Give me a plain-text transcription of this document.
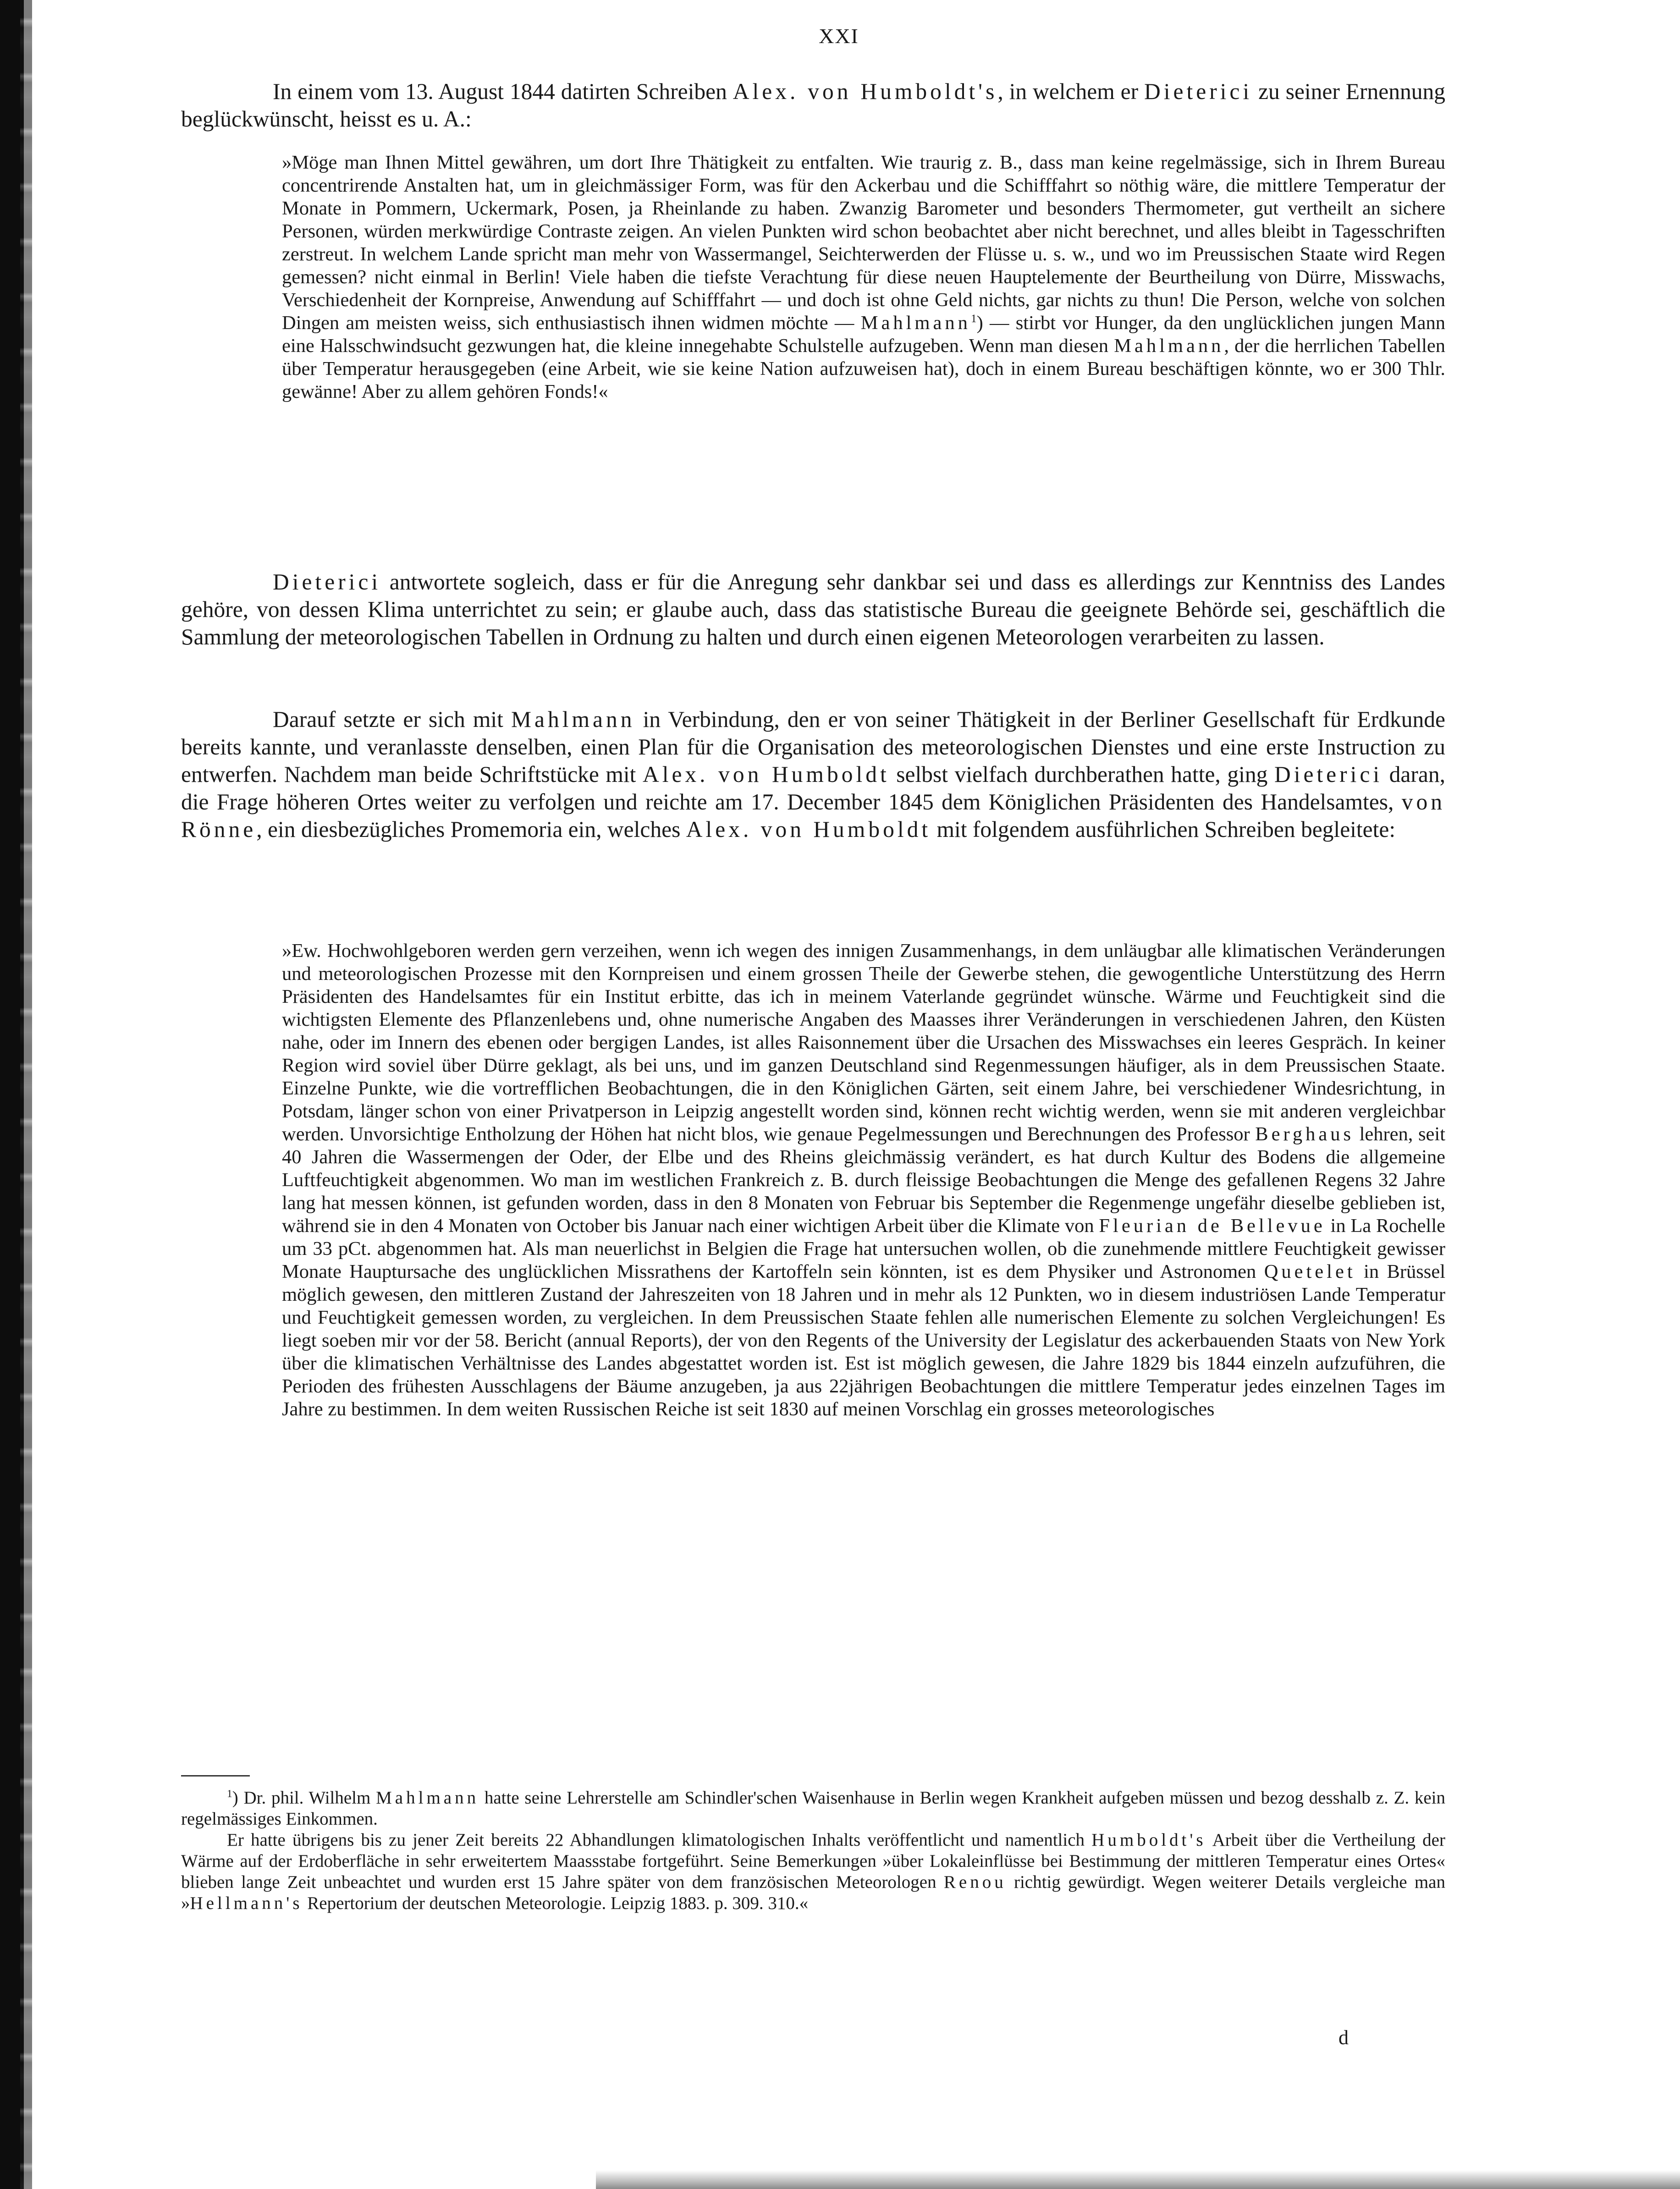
XXI

In einem vom 13. August 1844 datirten Schreiben Alex. von Humboldt's, in welchem er Dieterici zu seiner Ernennung beglückwünscht, heisst es u. A.:

»Möge man Ihnen Mittel gewähren, um dort Ihre Thätigkeit zu entfalten. Wie traurig z. B., dass man keine regelmässige, sich in Ihrem Bureau concentrirende Anstalten hat, um in gleichmässiger Form, was für den Ackerbau und die Schifffahrt so nöthig wäre, die mittlere Temperatur der Monate in Pommern, Uckermark, Posen, ja Rheinlande zu haben. Zwanzig Barometer und besonders Thermometer, gut vertheilt an sichere Personen, würden merkwürdige Contraste zeigen. An vielen Punkten wird schon beobachtet aber nicht berechnet, und alles bleibt in Tagesschriften zerstreut. In welchem Lande spricht man mehr von Wassermangel, Seichterwerden der Flüsse u. s. w., und wo im Preussischen Staate wird Regen gemessen? nicht einmal in Berlin! Viele haben die tiefste Verachtung für diese neuen Hauptelemente der Beurtheilung von Dürre, Misswachs, Verschiedenheit der Kornpreise, Anwendung auf Schifffahrt — und doch ist ohne Geld nichts, gar nichts zu thun! Die Person, welche von solchen Dingen am meisten weiss, sich enthusiastisch ihnen widmen möchte — Mahlmann$^1$) — stirbt vor Hunger, da den unglücklichen jungen Mann eine Halsschwindsucht gezwungen hat, die kleine innegehabte Schulstelle aufzugeben. Wenn man diesen Mahlmann, der die herrlichen Tabellen über Temperatur herausgegeben (eine Arbeit, wie sie keine Nation aufzuweisen hat), doch in einem Bureau beschäftigen könnte, wo er 300 Thlr. gewänne! Aber zu allem gehören Fonds!«

Dieterici antwortete sogleich, dass er für die Anregung sehr dankbar sei und dass es allerdings zur Kenntniss des Landes gehöre, von dessen Klima unterrichtet zu sein; er glaube auch, dass das statistische Bureau die geeignete Behörde sei, geschäftlich die Sammlung der meteorologischen Tabellen in Ordnung zu halten und durch einen eigenen Meteorologen verarbeiten zu lassen.

Darauf setzte er sich mit Mahlmann in Verbindung, den er von seiner Thätigkeit in der Berliner Gesellschaft für Erdkunde bereits kannte, und veranlasste denselben, einen Plan für die Organisation des meteorologischen Dienstes und eine erste Instruction zu entwerfen. Nachdem man beide Schriftstücke mit Alex. von Humboldt selbst vielfach durchberathen hatte, ging Dieterici daran, die Frage höheren Ortes weiter zu verfolgen und reichte am 17. December 1845 dem Königlichen Präsidenten des Handelsamtes, von Rönne, ein diesbezügliches Promemoria ein, welches Alex. von Humboldt mit folgendem ausführlichen Schreiben begleitete:

»Ew. Hochwohlgeboren werden gern verzeihen, wenn ich wegen des innigen Zusammenhangs, in dem unläugbar alle klimatischen Veränderungen und meteorologischen Prozesse mit den Kornpreisen und einem grossen Theile der Gewerbe stehen, die gewogentliche Unterstützung des Herrn Präsidenten des Handelsamtes für ein Institut erbitte, das ich in meinem Vaterlande gegründet wünsche. Wärme und Feuchtigkeit sind die wichtigsten Elemente des Pflanzenlebens und, ohne numerische Angaben des Maasses ihrer Veränderungen in verschiedenen Jahren, den Küsten nahe, oder im Innern des ebenen oder bergigen Landes, ist alles Raisonnement über die Ursachen des Misswachses ein leeres Gespräch. In keiner Region wird soviel über Dürre geklagt, als bei uns, und im ganzen Deutschland sind Regenmessungen häufiger, als in dem Preussischen Staate. Einzelne Punkte, wie die vortrefflichen Beobachtungen, die in den Königlichen Gärten, seit einem Jahre, bei verschiedener Windesrichtung, in Potsdam, länger schon von einer Privatperson in Leipzig angestellt worden sind, können recht wichtig werden, wenn sie mit anderen vergleichbar werden. Unvorsichtige Entholzung der Höhen hat nicht blos, wie genaue Pegelmessungen und Berechnungen des Professor Berghaus lehren, seit 40 Jahren die Wassermengen der Oder, der Elbe und des Rheins gleichmässig verändert, es hat durch Kultur des Bodens die allgemeine Luftfeuchtigkeit abgenommen. Wo man im westlichen Frankreich z. B. durch fleissige Beobachtungen die Menge des gefallenen Regens 32 Jahre lang hat messen können, ist gefunden worden, dass in den 8 Monaten von Februar bis September die Regenmenge ungefähr dieselbe geblieben ist, während sie in den 4 Monaten von October bis Januar nach einer wichtigen Arbeit über die Klimate von Fleurian de Bellevue in La Rochelle um 33 pCt. abgenommen hat. Als man neuerlichst in Belgien die Frage hat untersuchen wollen, ob die zunehmende mittlere Feuchtigkeit gewisser Monate Hauptursache des unglücklichen Missrathens der Kartoffeln sein könnten, ist es dem Physiker und Astronomen Quetelet in Brüssel möglich gewesen, den mittleren Zustand der Jahreszeiten von 18 Jahren und in mehr als 12 Punkten, wo in diesem industriösen Lande Temperatur und Feuchtigkeit gemessen worden, zu vergleichen. In dem Preussischen Staate fehlen alle numerischen Elemente zu solchen Vergleichungen! Es liegt soeben mir vor der 58. Bericht (annual Reports), der von den Regents of the University der Legislatur des ackerbauenden Staats von New York über die klimatischen Verhältnisse des Landes abgestattet worden ist. Est ist möglich gewesen, die Jahre 1829 bis 1844 einzeln aufzuführen, die Perioden des frühesten Ausschlagens der Bäume anzugeben, ja aus 22jährigen Beobachtungen die mittlere Temperatur jedes einzelnen Tages im Jahre zu bestimmen. In dem weiten Russischen Reiche ist seit 1830 auf meinen Vorschlag ein grosses meteorologisches

$^1$) Dr. phil. Wilhelm Mahlmann hatte seine Lehrerstelle am Schindler'schen Waisenhause in Berlin wegen Krankheit aufgeben müssen und bezog desshalb z. Z. kein regelmässiges Einkommen.

Er hatte übrigens bis zu jener Zeit bereits 22 Abhandlungen klimatologischen Inhalts veröffentlicht und namentlich Humboldt's Arbeit über die Vertheilung der Wärme auf der Erdoberfläche in sehr erweitertem Maassstabe fortgeführt. Seine Bemerkungen »über Lokaleinflüsse bei Bestimmung der mittleren Temperatur eines Ortes« blieben lange Zeit unbeachtet und wurden erst 15 Jahre später von dem französischen Meteorologen Renou richtig gewürdigt. Wegen weiterer Details vergleiche man »Hellmann's Repertorium der deutschen Meteorologie. Leipzig 1883. p. 309. 310.«

d
